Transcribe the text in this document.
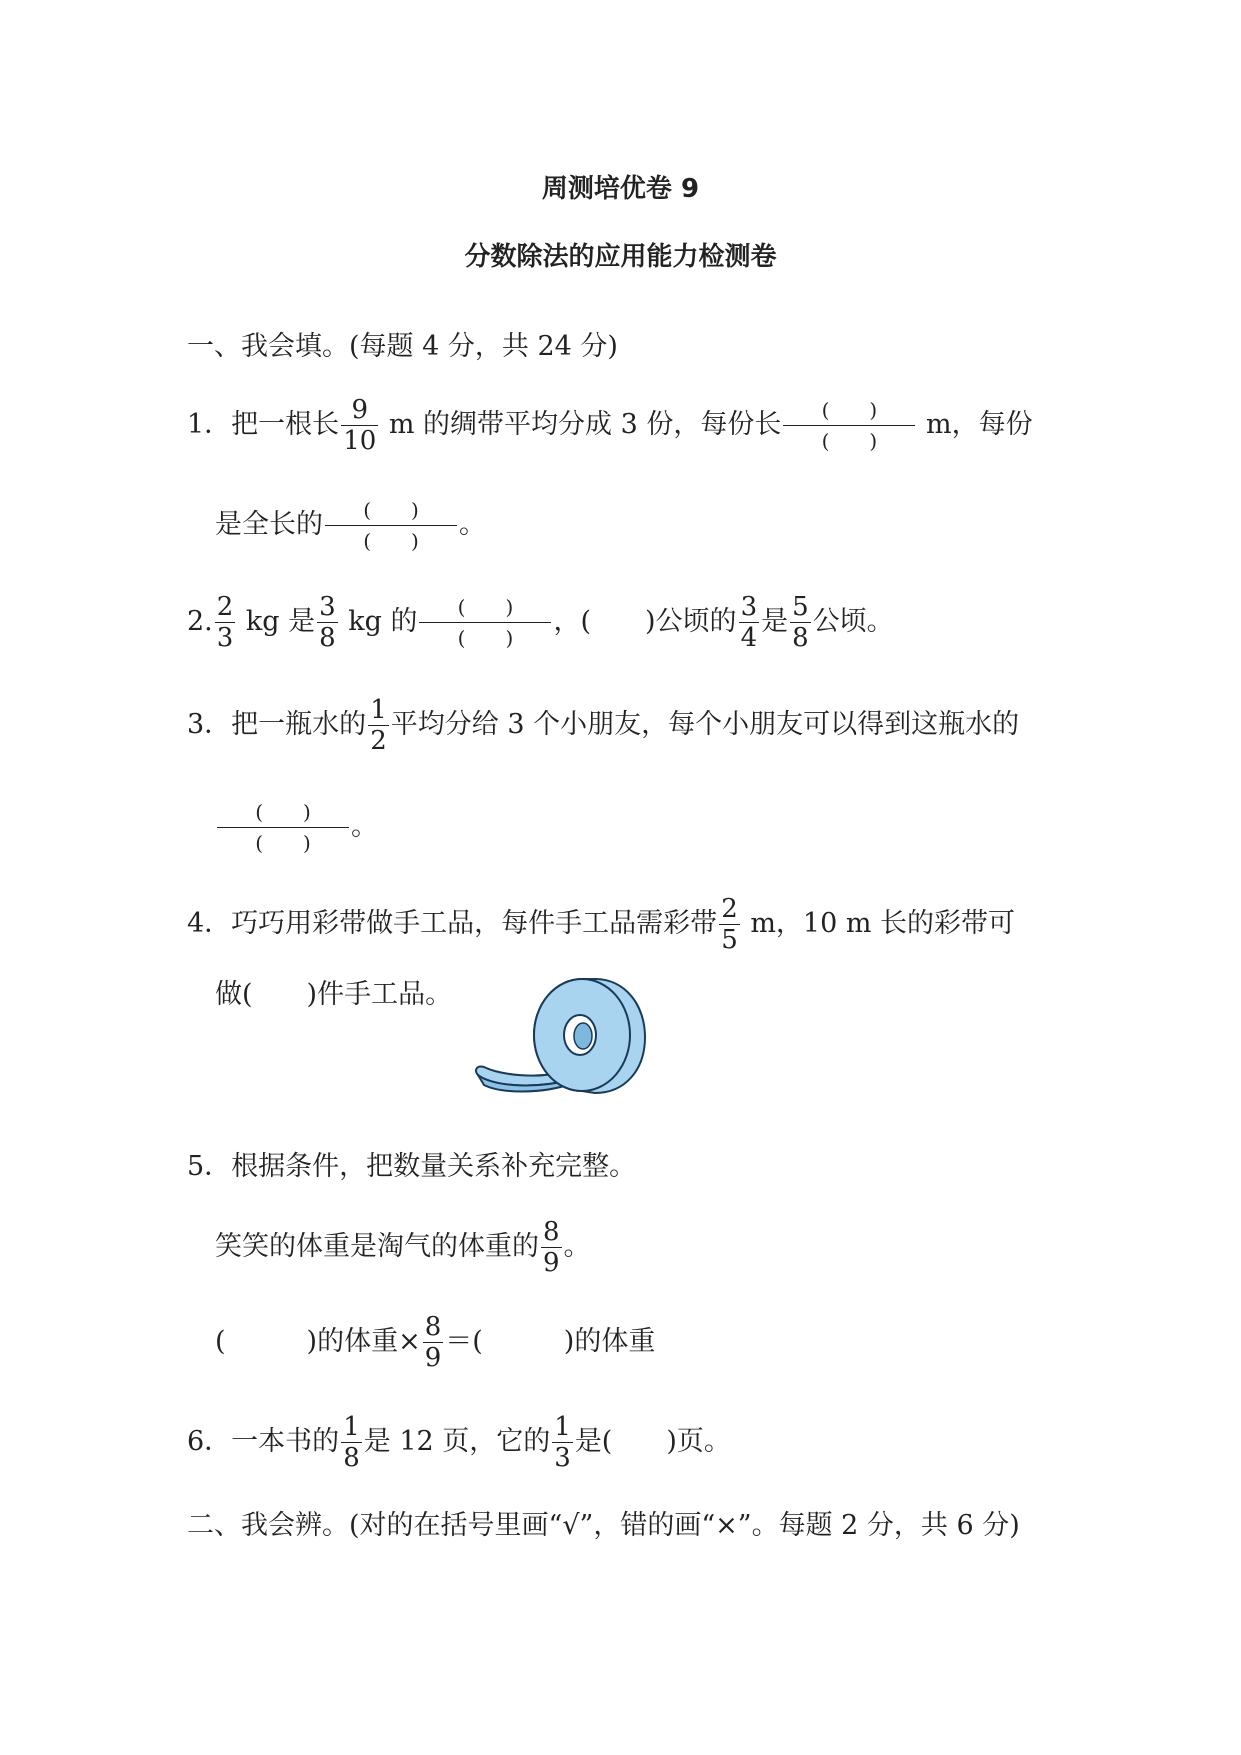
周测培优卷 9
分数除法的应用能力检测卷
一、我会填。(每题 4 分，共 24 分)
1．把一根长 $\frac{9}{10}$ m 的绸带平均分成 3 份，每份长 $\frac{( )}{( )}$ m，每份
是全长的 $\frac{( )}{( )}$ 。
2. $\frac{2}{3}$ kg 是 $\frac{3}{8}$ kg 的 $\frac{( )}{( )}$ ，(　　)公顷的 $\frac{3}{4}$ 是 $\frac{5}{8}$ 公顷。
3．把一瓶水的 $\frac{1}{2}$ 平均分给 3 个小朋友，每个小朋友可以得到这瓶水的
$\frac{( )}{( )}$ 。
4．巧巧用彩带做手工品，每件手工品需彩带 $\frac{2}{5}$ m，10 m 长的彩带可
做(　　)件手工品。
5．根据条件，把数量关系补充完整。
笑笑的体重是淘气的体重的 $\frac{8}{9}$ 。
(　　　)的体重× $\frac{8}{9}$ ＝(　　　)的体重
6．一本书的 $\frac{1}{8}$ 是 12 页，它的 $\frac{1}{3}$ 是(　　)页。
二、我会辨。(对的在括号里画“√”，错的画“×”。每题 2 分，共 6 分)
